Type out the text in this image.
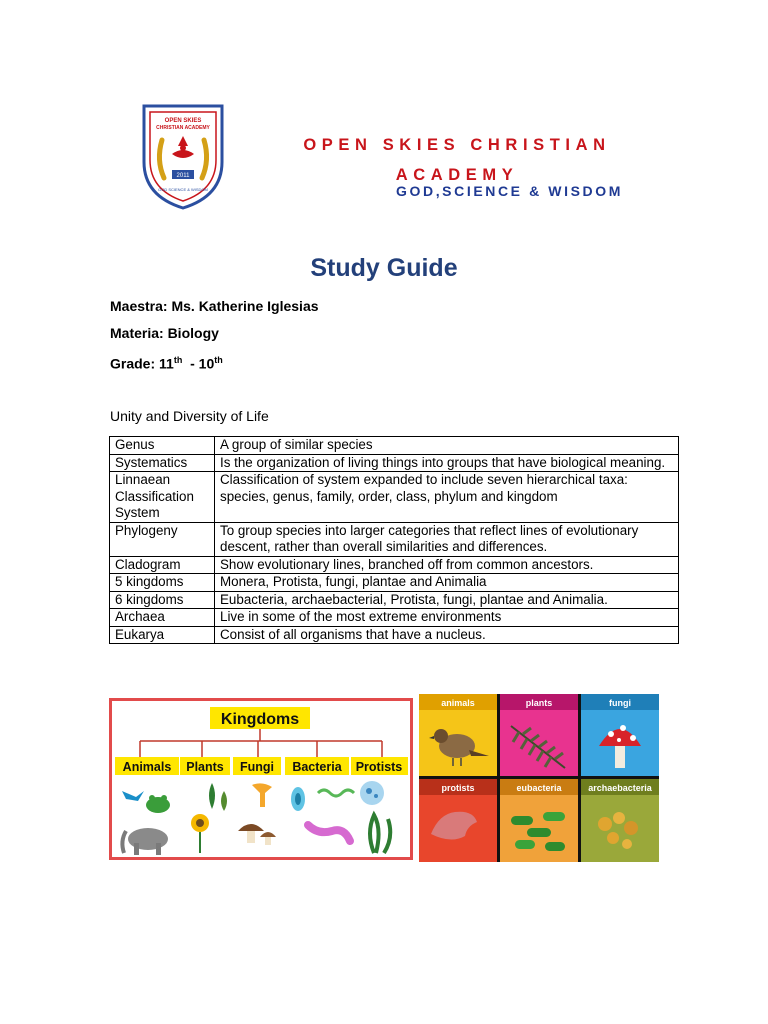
OPEN SKIES
CHRISTIAN ACADEMY
2011
GOD SCIENCE & WISDOM
OPEN SKIES CHRISTIAN
ACADEMY
GOD,SCIENCE & WISDOM
Study Guide
Maestra: Ms. Katherine Iglesias
Materia: Biology
Grade: 11th  - 10th
Unity and Diversity of Life
Genus	A group of similar species
Systematics	Is the organization of living things into groups that have biological meaning.
Linnaean Classification System	Classification of system expanded to include seven hierarchical taxa: species, genus, family, order, class, phylum and kingdom
Phylogeny	To group species into larger categories that reflect lines of evolutionary descent, rather than overall similarities and differences.
Cladogram	Show evolutionary lines, branched off from common ancestors.
5 kingdoms	Monera, Protista, fungi, plantae and Animalia
6 kingdoms	Eubacteria, archaebacterial, Protista, fungi, plantae and Animalia.
Archaea	Live in some of the most extreme environments
Eukarya	Consist of all organisms that have a nucleus.
Kingdoms
Animals Plants Fungi Bacteria Protists
animals	plants	fungi
protists	eubacteria	archaebacteria
